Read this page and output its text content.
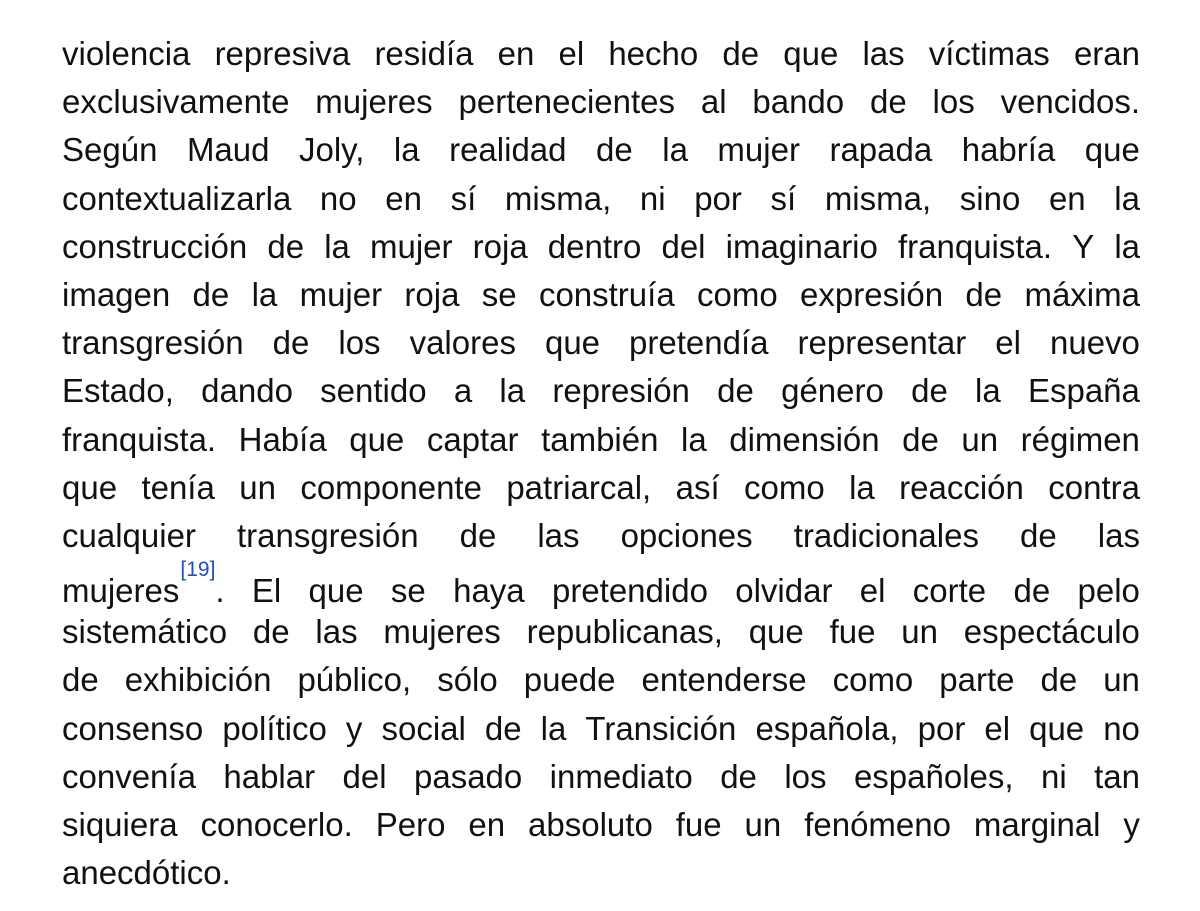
violencia represiva residía en el hecho de que las víctimas eran
exclusivamente mujeres pertenecientes al bando de los vencidos.
Según Maud Joly, la realidad de la mujer rapada habría que
contextualizarla no en sí misma, ni por sí misma, sino en la
construcción de la mujer roja dentro del imaginario franquista. Y la
imagen de la mujer roja se construía como expresión de máxima
transgresión de los valores que pretendía representar el nuevo
Estado, dando sentido a la represión de género de la España
franquista. Había que captar también la dimensión de un régimen
que tenía un componente patriarcal, así como la reacción contra
cualquier transgresión de las opciones tradicionales de las
mujeres[19]. El que se haya pretendido olvidar el corte de pelo
sistemático de las mujeres republicanas, que fue un espectáculo
de exhibición público, sólo puede entenderse como parte de un
consenso político y social de la Transición española, por el que no
convenía hablar del pasado inmediato de los españoles, ni tan
siquiera conocerlo. Pero en absoluto fue un fenómeno marginal y
anecdótico.
